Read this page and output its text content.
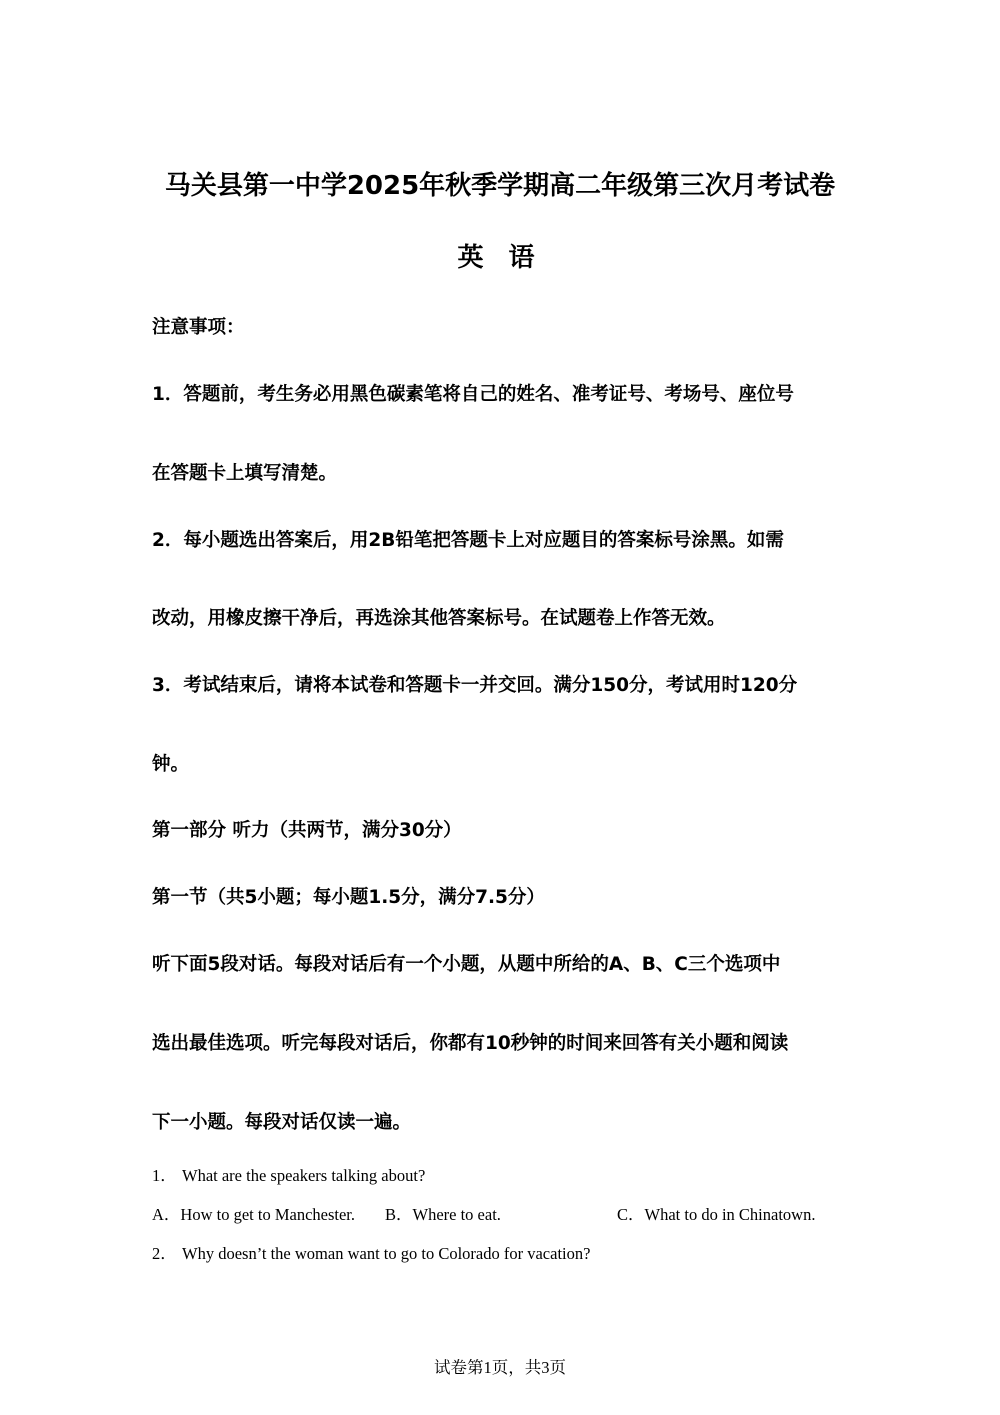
马关县第一中学2025年秋季学期高二年级第三次月考试卷
英 语
注意事项：
1．答题前，考生务必用黑色碳素笔将自己的姓名、准考证号、考场号、座位号
在答题卡上填写清楚。
2．每小题选出答案后，用2B铅笔把答题卡上对应题目的答案标号涂黑。如需
改动，用橡皮擦干净后，再选涂其他答案标号。在试题卷上作答无效。
3．考试结束后，请将本试卷和答题卡一并交回。满分150分，考试用时120分
钟。
第一部分 听力（共两节，满分30分）
第一节（共5小题；每小题1.5分，满分7.5分）
听下面5段对话。每段对话后有一个小题，从题中所给的A、B、C三个选项中
选出最佳选项。听完每段对话后，你都有10秒钟的时间来回答有关小题和阅读
下一小题。每段对话仅读一遍。
1． What are the speakers talking about?
A．How to get to Manchester. B．Where to eat.	C．What to do in Chinatown.
2． Why doesn’t the woman want to go to Colorado for vacation?
试卷第1页，共3页
